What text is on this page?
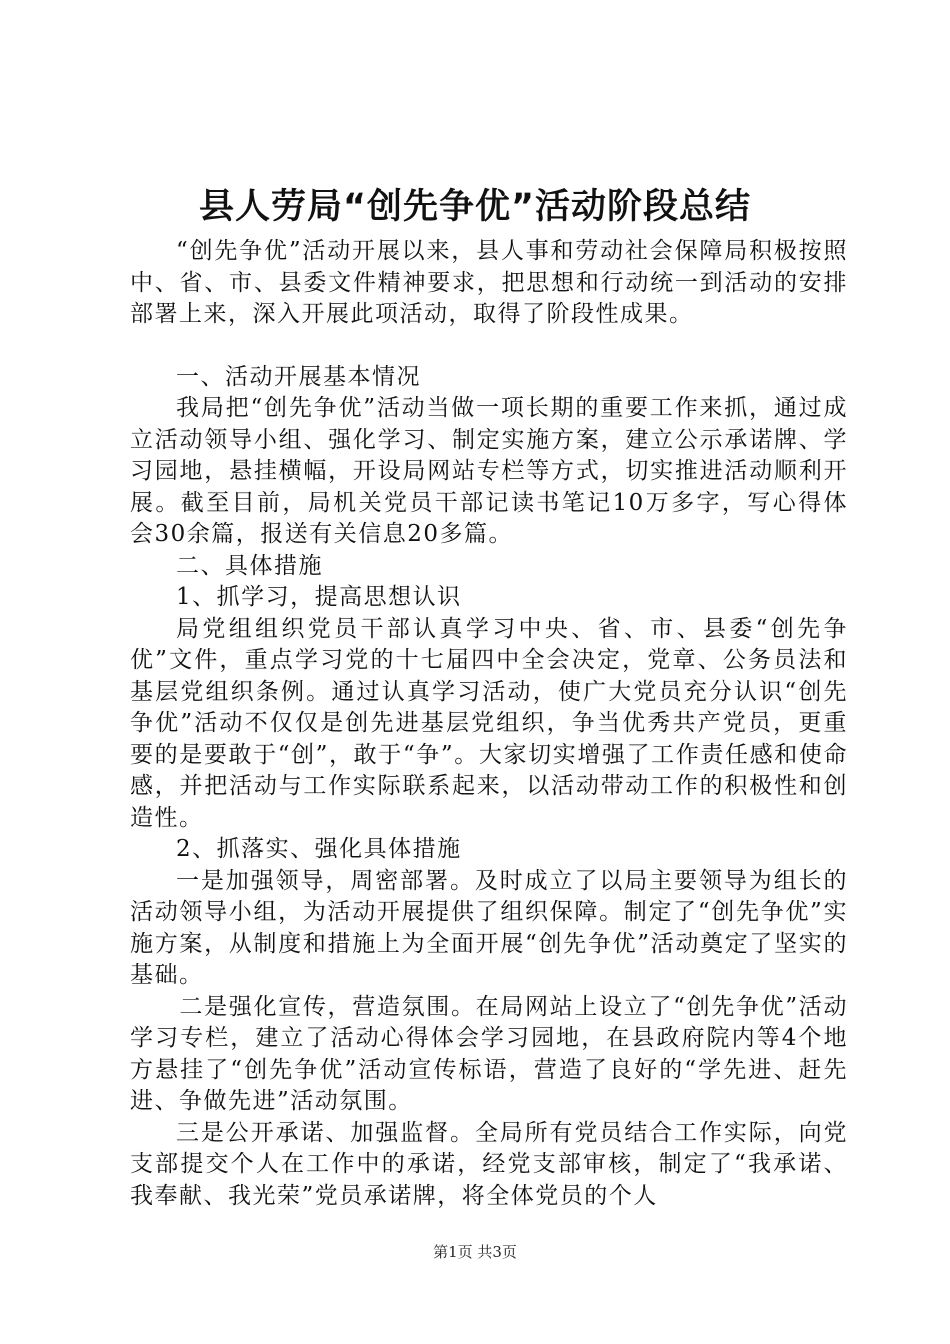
县人劳局“创先争优”活动阶段总结

“创先争优”活动开展以来，县人事和劳动社会保障局积极按照中、省、市、县委文件精神要求，把思想和行动统一到活动的安排部署上来，深入开展此项活动，取得了阶段性成果。

一、活动开展基本情况

我局把“创先争优”活动当做一项长期的重要工作来抓，通过成立活动领导小组、强化学习、制定实施方案，建立公示承诺牌、学习园地，悬挂横幅，开设局网站专栏等方式，切实推进活动顺利开展。截至目前，局机关党员干部记读书笔记10万多字，写心得体会30余篇，报送有关信息20多篇。

二、具体措施

1、抓学习，提高思想认识

局党组组织党员干部认真学习中央、省、市、县委“创先争优”文件，重点学习党的十七届四中全会决定，党章、公务员法和基层党组织条例。通过认真学习活动，使广大党员充分认识“创先争优”活动不仅仅是创先进基层党组织，争当优秀共产党员，更重要的是要敢于“创”，敢于“争”。大家切实增强了工作责任感和使命感，并把活动与工作实际联系起来，以活动带动工作的积极性和创造性。

2、抓落实、强化具体措施

一是加强领导，周密部署。及时成立了以局主要领导为组长的活动领导小组，为活动开展提供了组织保障。制定了“创先争优”实施方案，从制度和措施上为全面开展“创先争优”活动奠定了坚实的基础。

二是强化宣传，营造氛围。在局网站上设立了“创先争优”活动学习专栏，建立了活动心得体会学习园地，在县政府院内等4个地方悬挂了“创先争优”活动宣传标语，营造了良好的“学先进、赶先进、争做先进”活动氛围。

三是公开承诺、加强监督。全局所有党员结合工作实际，向党支部提交个人在工作中的承诺，经党支部审核，制定了“我承诺、我奉献、我光荣”党员承诺牌，将全体党员的个人

第1页 共3页
